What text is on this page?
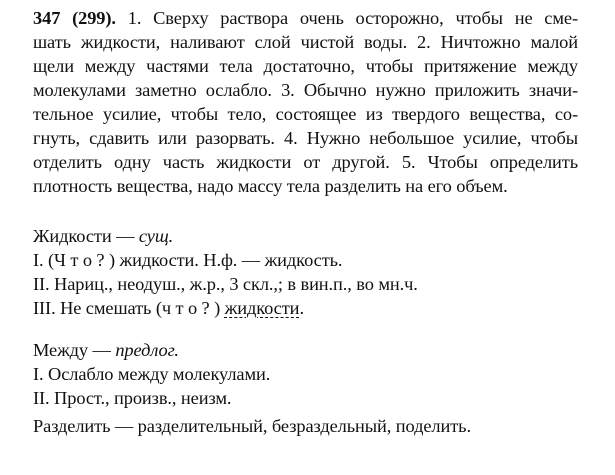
347 (299). 1. Сверху раствора очень осторожно, чтобы не сме-
шать жидкости, наливают слой чистой воды. 2. Ничтожно малой
щели между частями тела достаточно, чтобы притяжение между
молекулами заметно ослабло. 3. Обычно нужно приложить значи-
тельное усилие, чтобы тело, состоящее из твердого вещества, со-
гнуть, сдавить или разорвать. 4. Нужно небольшое усилие, чтобы
отделить одну часть жидкости от другой. 5. Чтобы определить
плотность вещества, надо массу тела разделить на его объем.
Жидкости — сущ.
I. (Ч т о ? ) жидкости. Н.ф. — жидкость.
II. Нариц., неодуш., ж.р., 3 скл.,; в вин.п., во мн.ч.
III. Не смешать (ч т о ? ) жидкости.
Между — предлог.
I. Ослабло между молекулами.
II. Прост., произв., неизм.
Разделить — разделительный, безраздельный, поделить.
